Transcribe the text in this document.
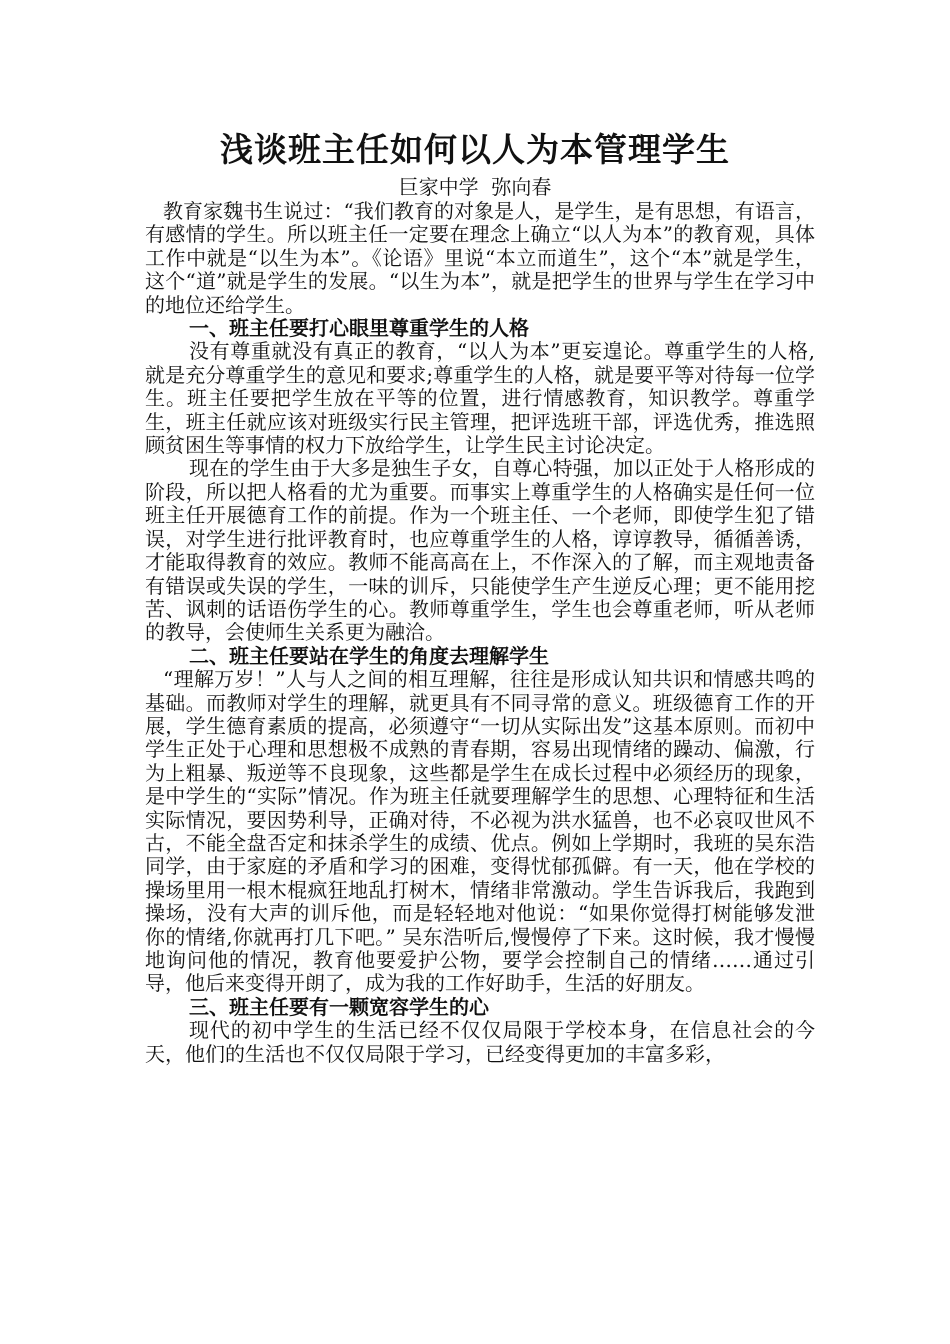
浅谈班主任如何以人为本管理学生
巨家中学  弥向春

教育家魏书生说过：“我们教育的对象是人，是学生，是有思想，有语言，有感情的学生。所以班主任一定要在理念上确立“以人为本”的教育观，具体工作中就是“以生为本”。《论语》里说“本立而道生”，这个“本”就是学生，这个“道”就是学生的发展。“以生为本”，就是把学生的世界与学生在学习中的地位还给学生。

一、班主任要打心眼里尊重学生的人格

没有尊重就没有真正的教育，“以人为本”更妄遑论。尊重学生的人格,就是充分尊重学生的意见和要求;尊重学生的人格，就是要平等对待每一位学生。班主任要把学生放在平等的位置，进行情感教育，知识教学。尊重学生，班主任就应该对班级实行民主管理，把评选班干部，评选优秀，推选照顾贫困生等事情的权力下放给学生，让学生民主讨论决定。

现在的学生由于大多是独生子女，自尊心特强，加以正处于人格形成的阶段，所以把人格看的尤为重要。而事实上尊重学生的人格确实是任何一位班主任开展德育工作的前提。作为一个班主任、一个老师，即使学生犯了错误，对学生进行批评教育时，也应尊重学生的人格，谆谆教导，循循善诱，才能取得教育的效应。教师不能高高在上，不作深入的了解，而主观地责备有错误或失误的学生，一味的训斥，只能使学生产生逆反心理；更不能用挖苦、讽刺的话语伤学生的心。教师尊重学生，学生也会尊重老师，听从老师的教导，会使师生关系更为融洽。

二、班主任要站在学生的角度去理解学生

“理解万岁！”人与人之间的相互理解，往往是形成认知共识和情感共鸣的基础。而教师对学生的理解，就更具有不同寻常的意义。班级德育工作的开展，学生德育素质的提高，必须遵守“一切从实际出发”这基本原则。而初中学生正处于心理和思想极不成熟的青春期，容易出现情绪的躁动、偏激，行为上粗暴、叛逆等不良现象，这些都是学生在成长过程中必须经历的现象，是中学生的“实际”情况。作为班主任就要理解学生的思想、心理特征和生活实际情况，要因势利导，正确对待，不必视为洪水猛兽，也不必哀叹世风不古，不能全盘否定和抹杀学生的成绩、优点。例如上学期时，我班的吴东浩同学，由于家庭的矛盾和学习的困难，变得忧郁孤僻。有一天，他在学校的操场里用一根木棍疯狂地乱打树木，情绪非常激动。学生告诉我后，我跑到操场，没有大声的训斥他，而是轻轻地对他说：“如果你觉得打树能够发泄你的情绪,你就再打几下吧。” 吴东浩听后,慢慢停了下来。这时候，我才慢慢地询问他的情况，教育他要爱护公物，要学会控制自己的情绪……通过引导，他后来变得开朗了，成为我的工作好助手，生活的好朋友。

三、班主任要有一颗宽容学生的心

现代的初中学生的生活已经不仅仅局限于学校本身，在信息社会的今天，他们的生活也不仅仅局限于学习，已经变得更加的丰富多彩，
